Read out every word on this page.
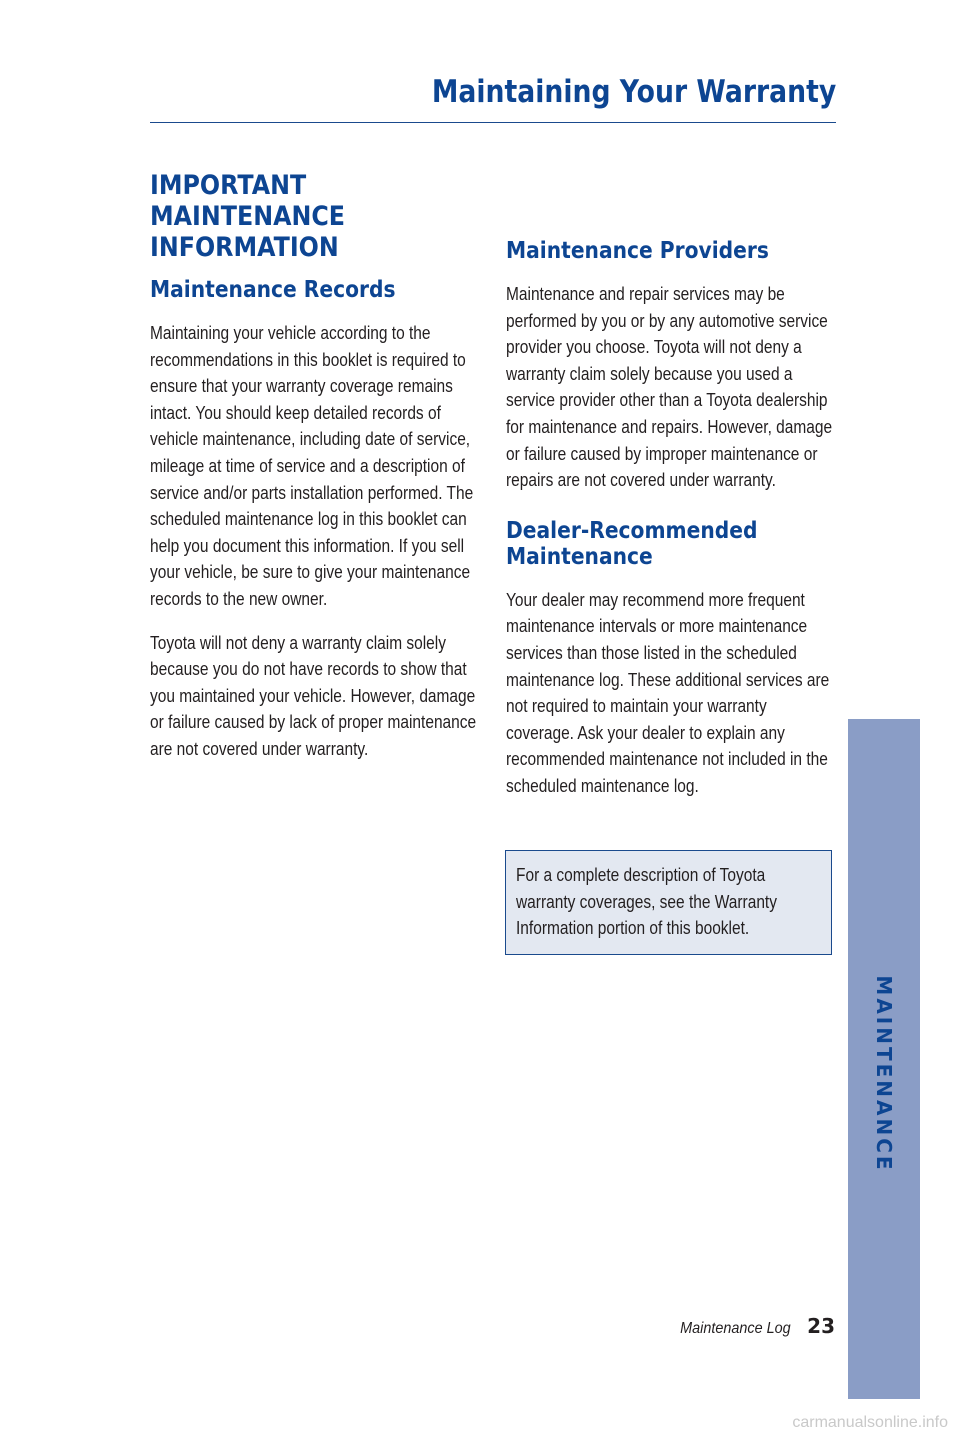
Maintaining Your Warranty
IMPORTANT MAINTENANCE
INFORMATION
Maintenance Records

Maintaining your vehicle according to the recommendations in this booklet is required to ensure that your warranty coverage remains intact. You should keep detailed records of vehicle maintenance, including date of service, mileage at time of service and a description of service and/or parts installation performed. The scheduled maintenance log in this booklet can help you document this information. If you sell your vehicle, be sure to give your maintenance records to the new owner.

Toyota will not deny a warranty claim solely because you do not have records to show that you maintained your vehicle. However, damage or failure caused by lack of proper maintenance are not covered under warranty.

Maintenance Providers

Maintenance and repair services may be performed by you or by any automotive service provider you choose. Toyota will not deny a warranty claim solely because you used a service provider other than a Toyota dealership for maintenance and repairs. However, damage or failure caused by improper maintenance or repairs are not covered under warranty.

Dealer-Recommended
Maintenance

Your dealer may recommend more frequent maintenance intervals or more maintenance services than those listed in the scheduled maintenance log. These additional services are not required to maintain your warranty coverage. Ask your dealer to explain any recommended maintenance not included in the scheduled maintenance log.

For a complete description of Toyota warranty coverages, see the Warranty Information portion of this booklet.

MAINTENANCE

Maintenance Log 23
carmanualsonline.info
